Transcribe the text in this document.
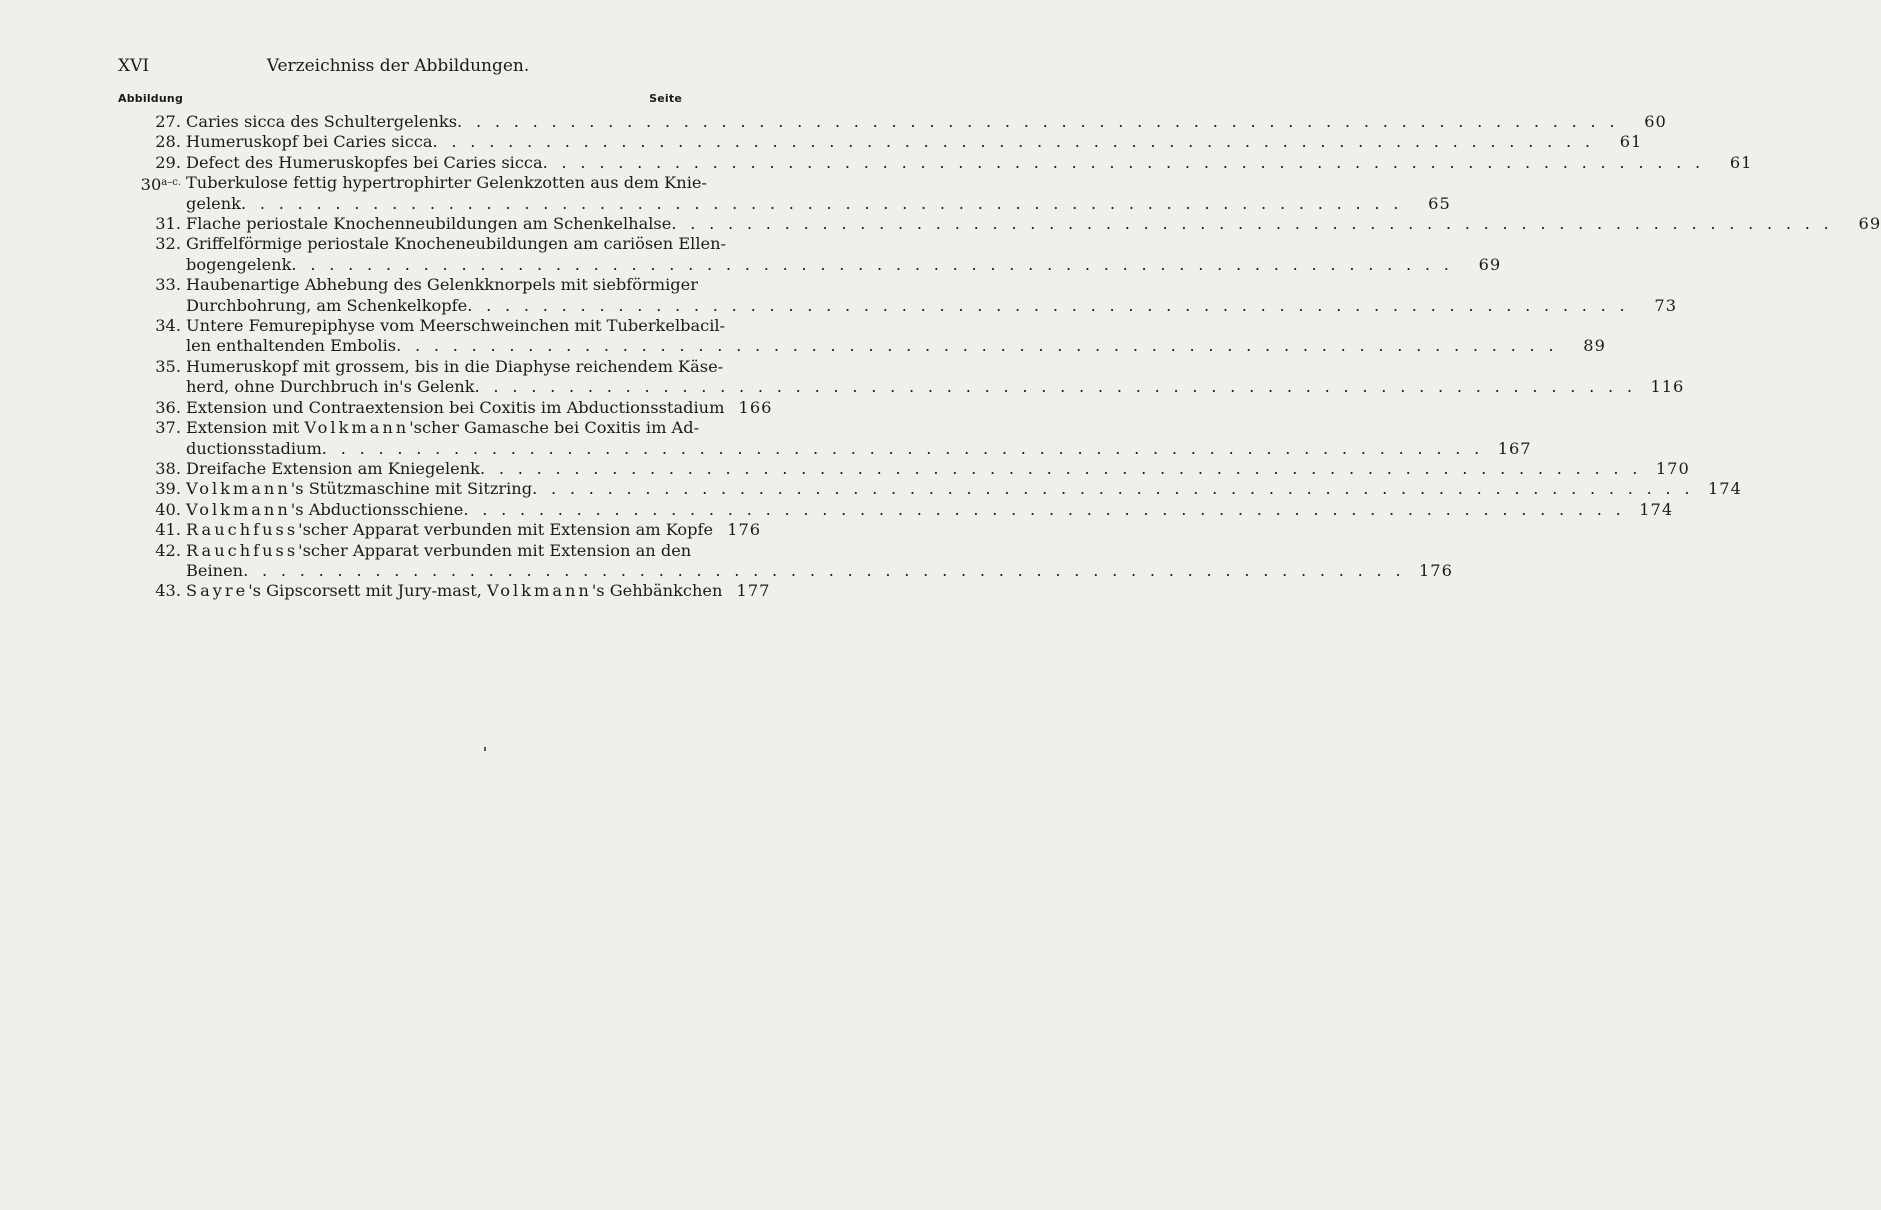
XVI	Verzeichniss der Abbildungen.
Abbildung	Seite
27. Caries sicca des Schultergelenks . . .	60
28. Humeruskopf bei Caries sicca . . .	61
29. Defect des Humeruskopfes bei Caries sicca . . .	61
$30^{a-c.}$ Tuberkulose fettig hypertrophirter Gelenkzotten aus dem Knie-
gelenk . . .	65
31. Flache periostale Knochenneubildungen am Schenkelhalse . . .	69
32. Griffelförmige periostale Knocheneubildungen am cariösen Ellen-
bogengelenk . . .	69
33. Haubenartige Abhebung des Gelenkknorpels mit siebförmiger
Durchbohrung, am Schenkelkopfe . . .	73
34. Untere Femurepiphyse vom Meerschweinchen mit Tuberkelbacil-
len enthaltenden Embolis . . .	89
35. Humeruskopf mit grossem, bis in die Diaphyse reichendem Käse-
herd, ohne Durchbruch in's Gelenk . . .	116
36. Extension und Contraextension bei Coxitis im Abductionsstadium 166
37. Extension mit Volkmann'scher Gamasche bei Coxitis im Ad-
ductionsstadium . . .	167
38. Dreifache Extension am Kniegelenk . . .	170
39. Volkmann's Stützmaschine mit Sitzring . . .	174
40. Volkmann's Abductionsschiene . . .	174
41. Rauchfuss'scher Apparat verbunden mit Extension am Kopfe 176
42. Rauchfuss'scher Apparat verbunden mit Extension an den
Beinen . . .	176
43. Sayre's Gipscorsett mit Jury-mast, Volkmann's Gehbänkchen 177
